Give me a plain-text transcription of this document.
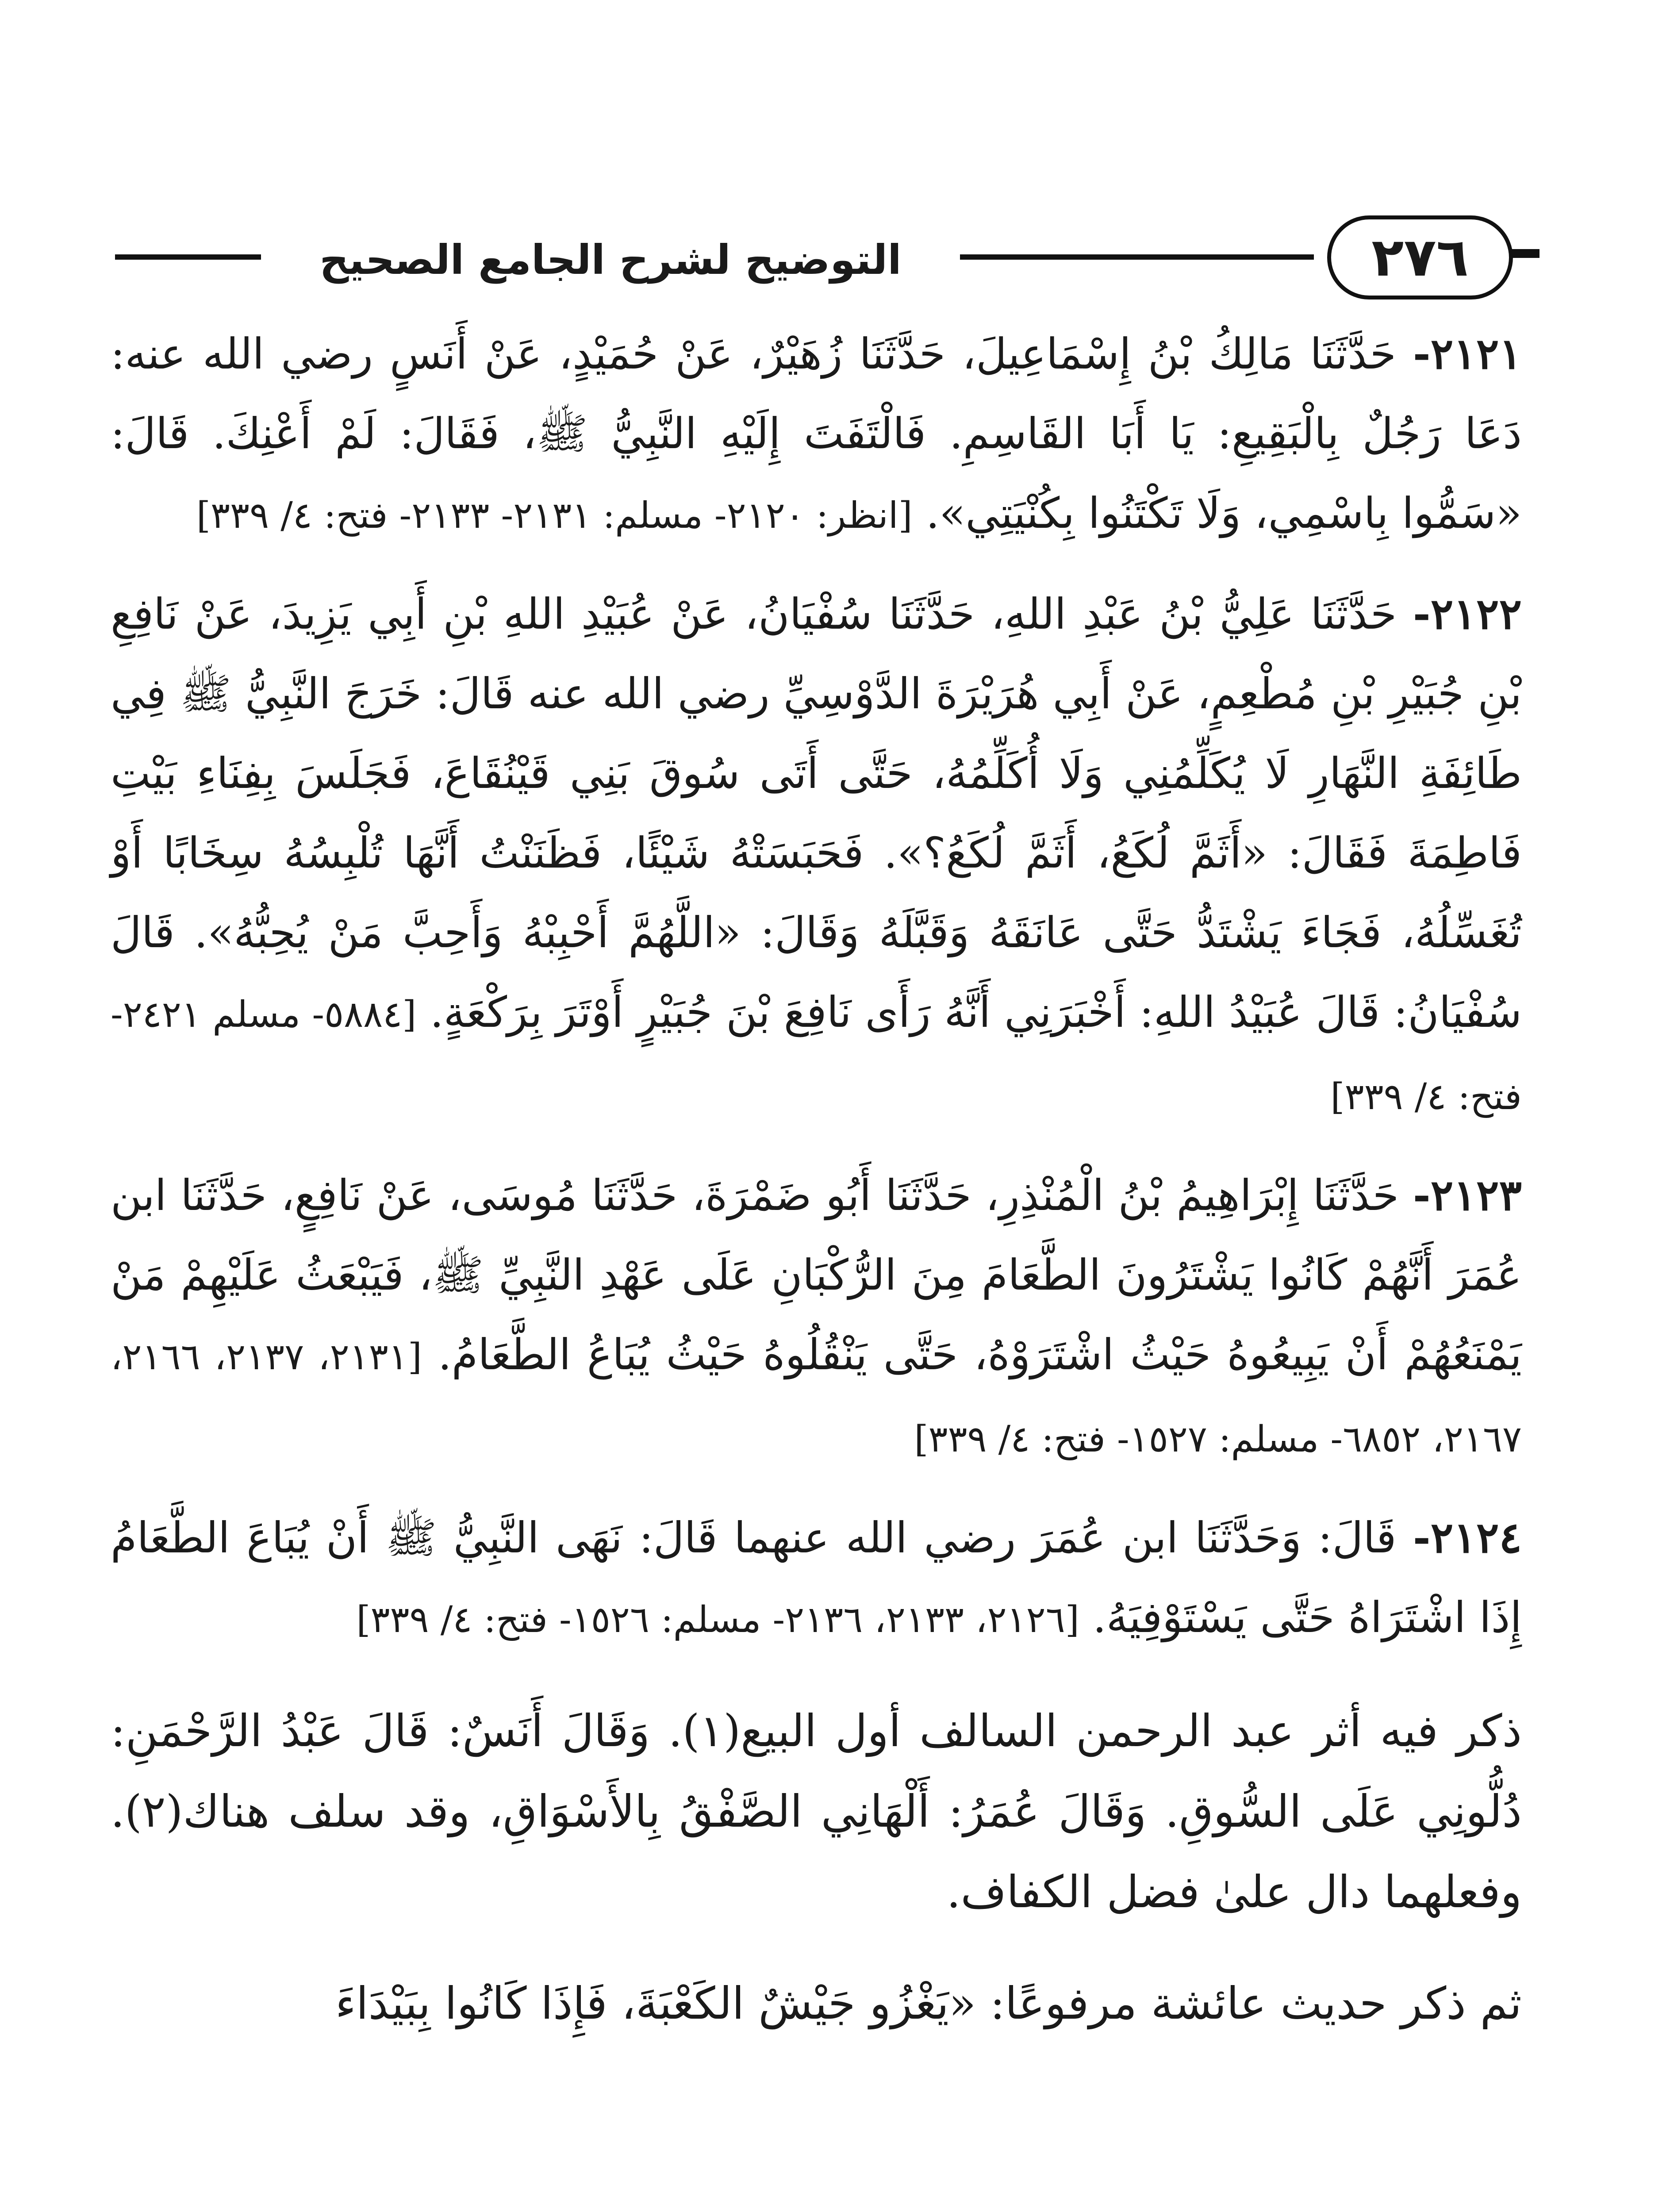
٢٧٦
التوضيح لشرح الجامع الصحيح

٢١٢١- حَدَّثَنَا مَالِكُ بْنُ إِسْمَاعِيلَ، حَدَّثَنَا زُهَيْرٌ، عَنْ حُمَيْدٍ، عَنْ أَنَسٍ رضي الله عنه: دَعَا رَجُلٌ بِالْبَقِيعِ: يَا أَبَا القَاسِمِ. فَالْتَفَتَ إِلَيْهِ النَّبِيُّ ﷺ، فَقَالَ: لَمْ أَعْنِكَ. قَالَ: «سَمُّوا بِاسْمِي، وَلَا تَكْتَنُوا بِكُنْيَتِي». [انظر: ٢١٢٠- مسلم: ٢١٣١- ٢١٣٣- فتح: ٤/ ٣٣٩]

٢١٢٢- حَدَّثَنَا عَلِيُّ بْنُ عَبْدِ اللهِ، حَدَّثَنَا سُفْيَانُ، عَنْ عُبَيْدِ اللهِ بْنِ أَبِي يَزِيدَ، عَنْ نَافِعِ بْنِ جُبَيْرِ بْنِ مُطْعِمٍ، عَنْ أَبِي هُرَيْرَةَ الدَّوْسِيِّ رضي الله عنه قَالَ: خَرَجَ النَّبِيُّ ﷺ فِي طَائِفَةِ النَّهَارِ لَا يُكَلِّمُنِي وَلَا أُكَلِّمُهُ، حَتَّى أَتَى سُوقَ بَنِي قَيْنُقَاعَ، فَجَلَسَ بِفِنَاءِ بَيْتِ فَاطِمَةَ فَقَالَ: «أَثَمَّ لُكَعُ، أَثَمَّ لُكَعُ؟». فَحَبَسَتْهُ شَيْئًا، فَظَنَنْتُ أَنَّهَا تُلْبِسُهُ سِخَابًا أَوْ تُغَسِّلُهُ، فَجَاءَ يَشْتَدُّ حَتَّى عَانَقَهُ وَقَبَّلَهُ وَقَالَ: «اللَّهُمَّ أَحْبِبْهُ وَأَحِبَّ مَنْ يُحِبُّهُ». قَالَ سُفْيَانُ: قَالَ عُبَيْدُ اللهِ: أَخْبَرَنِي أَنَّهُ رَأَى نَافِعَ بْنَ جُبَيْرٍ أَوْتَرَ بِرَكْعَةٍ. [٥٨٨٤- مسلم ٢٤٢١- فتح: ٤/ ٣٣٩]

٢١٢٣- حَدَّثَنَا إِبْرَاهِيمُ بْنُ الْمُنْذِرِ، حَدَّثَنَا أَبُو ضَمْرَةَ، حَدَّثَنَا مُوسَى، عَنْ نَافِعٍ، حَدَّثَنَا ابن عُمَرَ أَنَّهُمْ كَانُوا يَشْتَرُونَ الطَّعَامَ مِنَ الرُّكْبَانِ عَلَى عَهْدِ النَّبِيِّ ﷺ، فَيَبْعَثُ عَلَيْهِمْ مَنْ يَمْنَعُهُمْ أَنْ يَبِيعُوهُ حَيْثُ اشْتَرَوْهُ، حَتَّى يَنْقُلُوهُ حَيْثُ يُبَاعُ الطَّعَامُ. [٢١٣١، ٢١٣٧، ٢١٦٦، ٢١٦٧، ٦٨٥٢- مسلم: ١٥٢٧- فتح: ٤/ ٣٣٩]

٢١٢٤- قَالَ: وَحَدَّثَنَا ابن عُمَرَ رضي الله عنهما قَالَ: نَهَى النَّبِيُّ ﷺ أَنْ يُبَاعَ الطَّعَامُ إِذَا اشْتَرَاهُ حَتَّى يَسْتَوْفِيَهُ. [٢١٢٦، ٢١٣٣، ٢١٣٦- مسلم: ١٥٢٦- فتح: ٤/ ٣٣٩]

ذكر فيه أثر عبد الرحمن السالف أول البيع(١). وَقَالَ أَنَسٌ: قَالَ عَبْدُ الرَّحْمَنِ: دُلُّونِي عَلَى السُّوقِ. وَقَالَ عُمَرُ: أَلْهَانِي الصَّفْقُ بِالأَسْوَاقِ، وقد سلف هناك(٢). وفعلهما دال علىٰ فضل الكفاف.

ثم ذكر حديث عائشة مرفوعًا: «يَغْزُو جَيْشٌ الكَعْبَةَ، فَإِذَا كَانُوا بِبَيْدَاءَ
